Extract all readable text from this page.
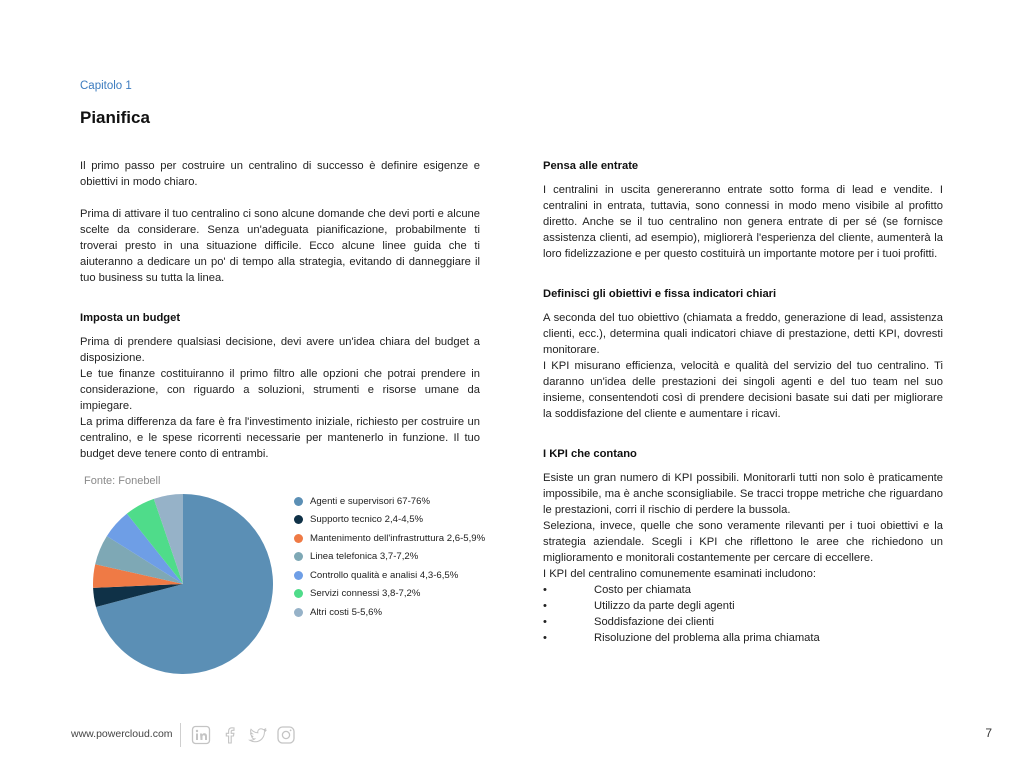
Capitolo 1
Pianifica

Il primo passo per costruire un centralino di successo è definire esigenze e obiettivi in modo chiaro.

Prima di attivare il tuo centralino ci sono alcune domande che devi porti e alcune scelte da considerare. Senza un'adeguata pianificazione, probabilmente ti troverai presto in una situazione difficile. Ecco alcune linee guida che ti aiuteranno a dedicare un po' di tempo alla strategia, evitando di danneggiare il tuo business su tutta la linea.

Imposta un budget

Prima di prendere qualsiasi decisione, devi avere un'idea chiara del budget a disposizione.

Le tue finanze costituiranno il primo filtro alle opzioni che potrai prendere in considerazione, con riguardo a soluzioni, strumenti e risorse umane da impiegare.

La prima differenza da fare è fra l'investimento iniziale, richiesto per costruire un centralino, e le spese ricorrenti necessarie per mantenerlo in funzione. Il tuo budget deve tenere conto di entrambi.

Pensa alle entrate

I centralini in uscita genereranno entrate sotto forma di lead e vendite. I centralini in entrata, tuttavia, sono connessi in modo meno visibile al profitto diretto. Anche se il tuo centralino non genera entrate di per sé (se fornisce assistenza clienti, ad esempio), migliorerà l'esperienza del cliente, aumenterà la loro fidelizzazione e per questo costituirà un importante motore per i tuoi profitti.

Definisci gli obiettivi e fissa indicatori chiari

A seconda del tuo obiettivo (chiamata a freddo, generazione di lead, assistenza clienti, ecc.), determina quali indicatori chiave di prestazione, detti KPI, dovresti monitorare.

I KPI misurano efficienza, velocità e qualità del servizio del tuo centralino. Ti daranno un'idea delle prestazioni dei singoli agenti e del tuo team nel suo insieme, consentendoti così di prendere decisioni basate sui dati per migliorare la soddisfazione del cliente e aumentare i ricavi.

I KPI che contano

Esiste un gran numero di KPI possibili. Monitorarli tutti non solo è praticamente impossibile, ma è anche sconsigliabile. Se tracci troppe metriche che riguardano le prestazioni, corri il rischio di perdere la bussola.

Seleziona, invece, quelle che sono veramente rilevanti per i tuoi obiettivi e la strategia aziendale. Scegli i KPI che riflettono le aree che richiedono un miglioramento e monitorali costantemente per cercare di eccellere.

I KPI del centralino comunemente esaminati includono:

•	Costo per chiamata
•	Utilizzo da parte degli agenti
•	Soddisfazione dei clienti
•	Risoluzione del problema alla prima chiamata
Fonte: Fonebell
Agenti e supervisori 67-76%
Supporto tecnico 2,4-4,5%
Mantenimento dell'infrastruttura 2,6-5,9%
Linea telefonica 3,7-7,2%
Controllo qualità e analisi 4,3-6,5%
Servizi connessi 3,8-7,2%
Altri costi 5-5,6%
www.powercloud.com	7
